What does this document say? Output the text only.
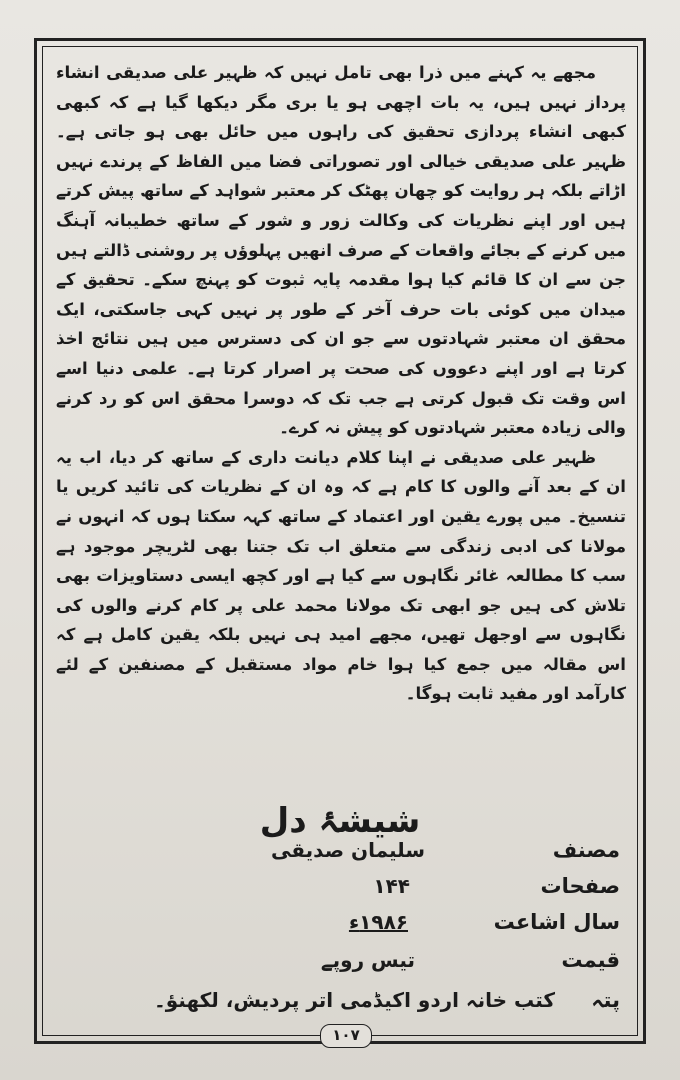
مجھے یہ کہنے میں ذرا بھی تامل نہیں کہ ظہیر علی صدیقی انشاء پرداز نہیں ہیں، یہ بات اچھی ہو یا بری مگر دیکھا گیا ہے کہ کبھی کبھی انشاء پردازی تحقیق کی راہوں میں حائل بھی ہو جاتی ہے۔ ظہیر علی صدیقی خیالی اور تصوراتی فضا میں الفاظ کے پرندے نہیں اڑاتے بلکہ ہر روایت کو چھان پھٹک کر معتبر شواہد کے ساتھ پیش کرتے ہیں اور اپنے نظریات کی وکالت زور و شور کے ساتھ خطیبانہ آہنگ میں کرنے کے بجائے واقعات کے صرف انھیں پہلوؤں پر روشنی ڈالتے ہیں جن سے ان کا قائم کیا ہوا مقدمہ پایہ ثبوت کو پہنچ سکے۔ تحقیق کے میدان میں کوئی بات حرف آخر کے طور پر نہیں کہی جاسکتی، ایک محقق ان معتبر شہادتوں سے جو ان کی دسترس میں ہیں نتائج اخذ کرتا ہے اور اپنے دعووں کی صحت پر اصرار کرتا ہے۔ علمی دنیا اسے اس وقت تک قبول کرتی ہے جب تک کہ دوسرا محقق اس کو رد کرنے والی زیادہ معتبر شہادتوں کو پیش نہ کرے۔

ظہیر علی صدیقی نے اپنا کلام دیانت داری کے ساتھ کر دیا، اب یہ ان کے بعد آنے والوں کا کام ہے کہ وہ ان کے نظریات کی تائید کریں یا تنسیخ۔ میں پورے یقین اور اعتماد کے ساتھ کہہ سکتا ہوں کہ انہوں نے مولانا کی ادبی زندگی سے متعلق اب تک جتنا بھی لٹریچر موجود ہے سب کا مطالعہ غائر نگاہوں سے کیا ہے اور کچھ ایسی دستاویزات بھی تلاش کی ہیں جو ابھی تک مولانا محمد علی پر کام کرنے والوں کی نگاہوں سے اوجھل تھیں، مجھے امید ہی نہیں بلکہ یقین کامل ہے کہ اس مقالہ میں جمع کیا ہوا خام مواد مستقبل کے مصنفین کے لئے کارآمد اور مفید ثابت ہوگا۔

شیشۂ دل
مصنف
سلیمان صدیقی
صفحات
۱۴۴
سال اشاعت
۱۹۸۶ء
قیمت
تیس روپے
پتہ
کتب خانہ اردو اکیڈمی اتر پردیش، لکھنؤ۔
۱۰۷
